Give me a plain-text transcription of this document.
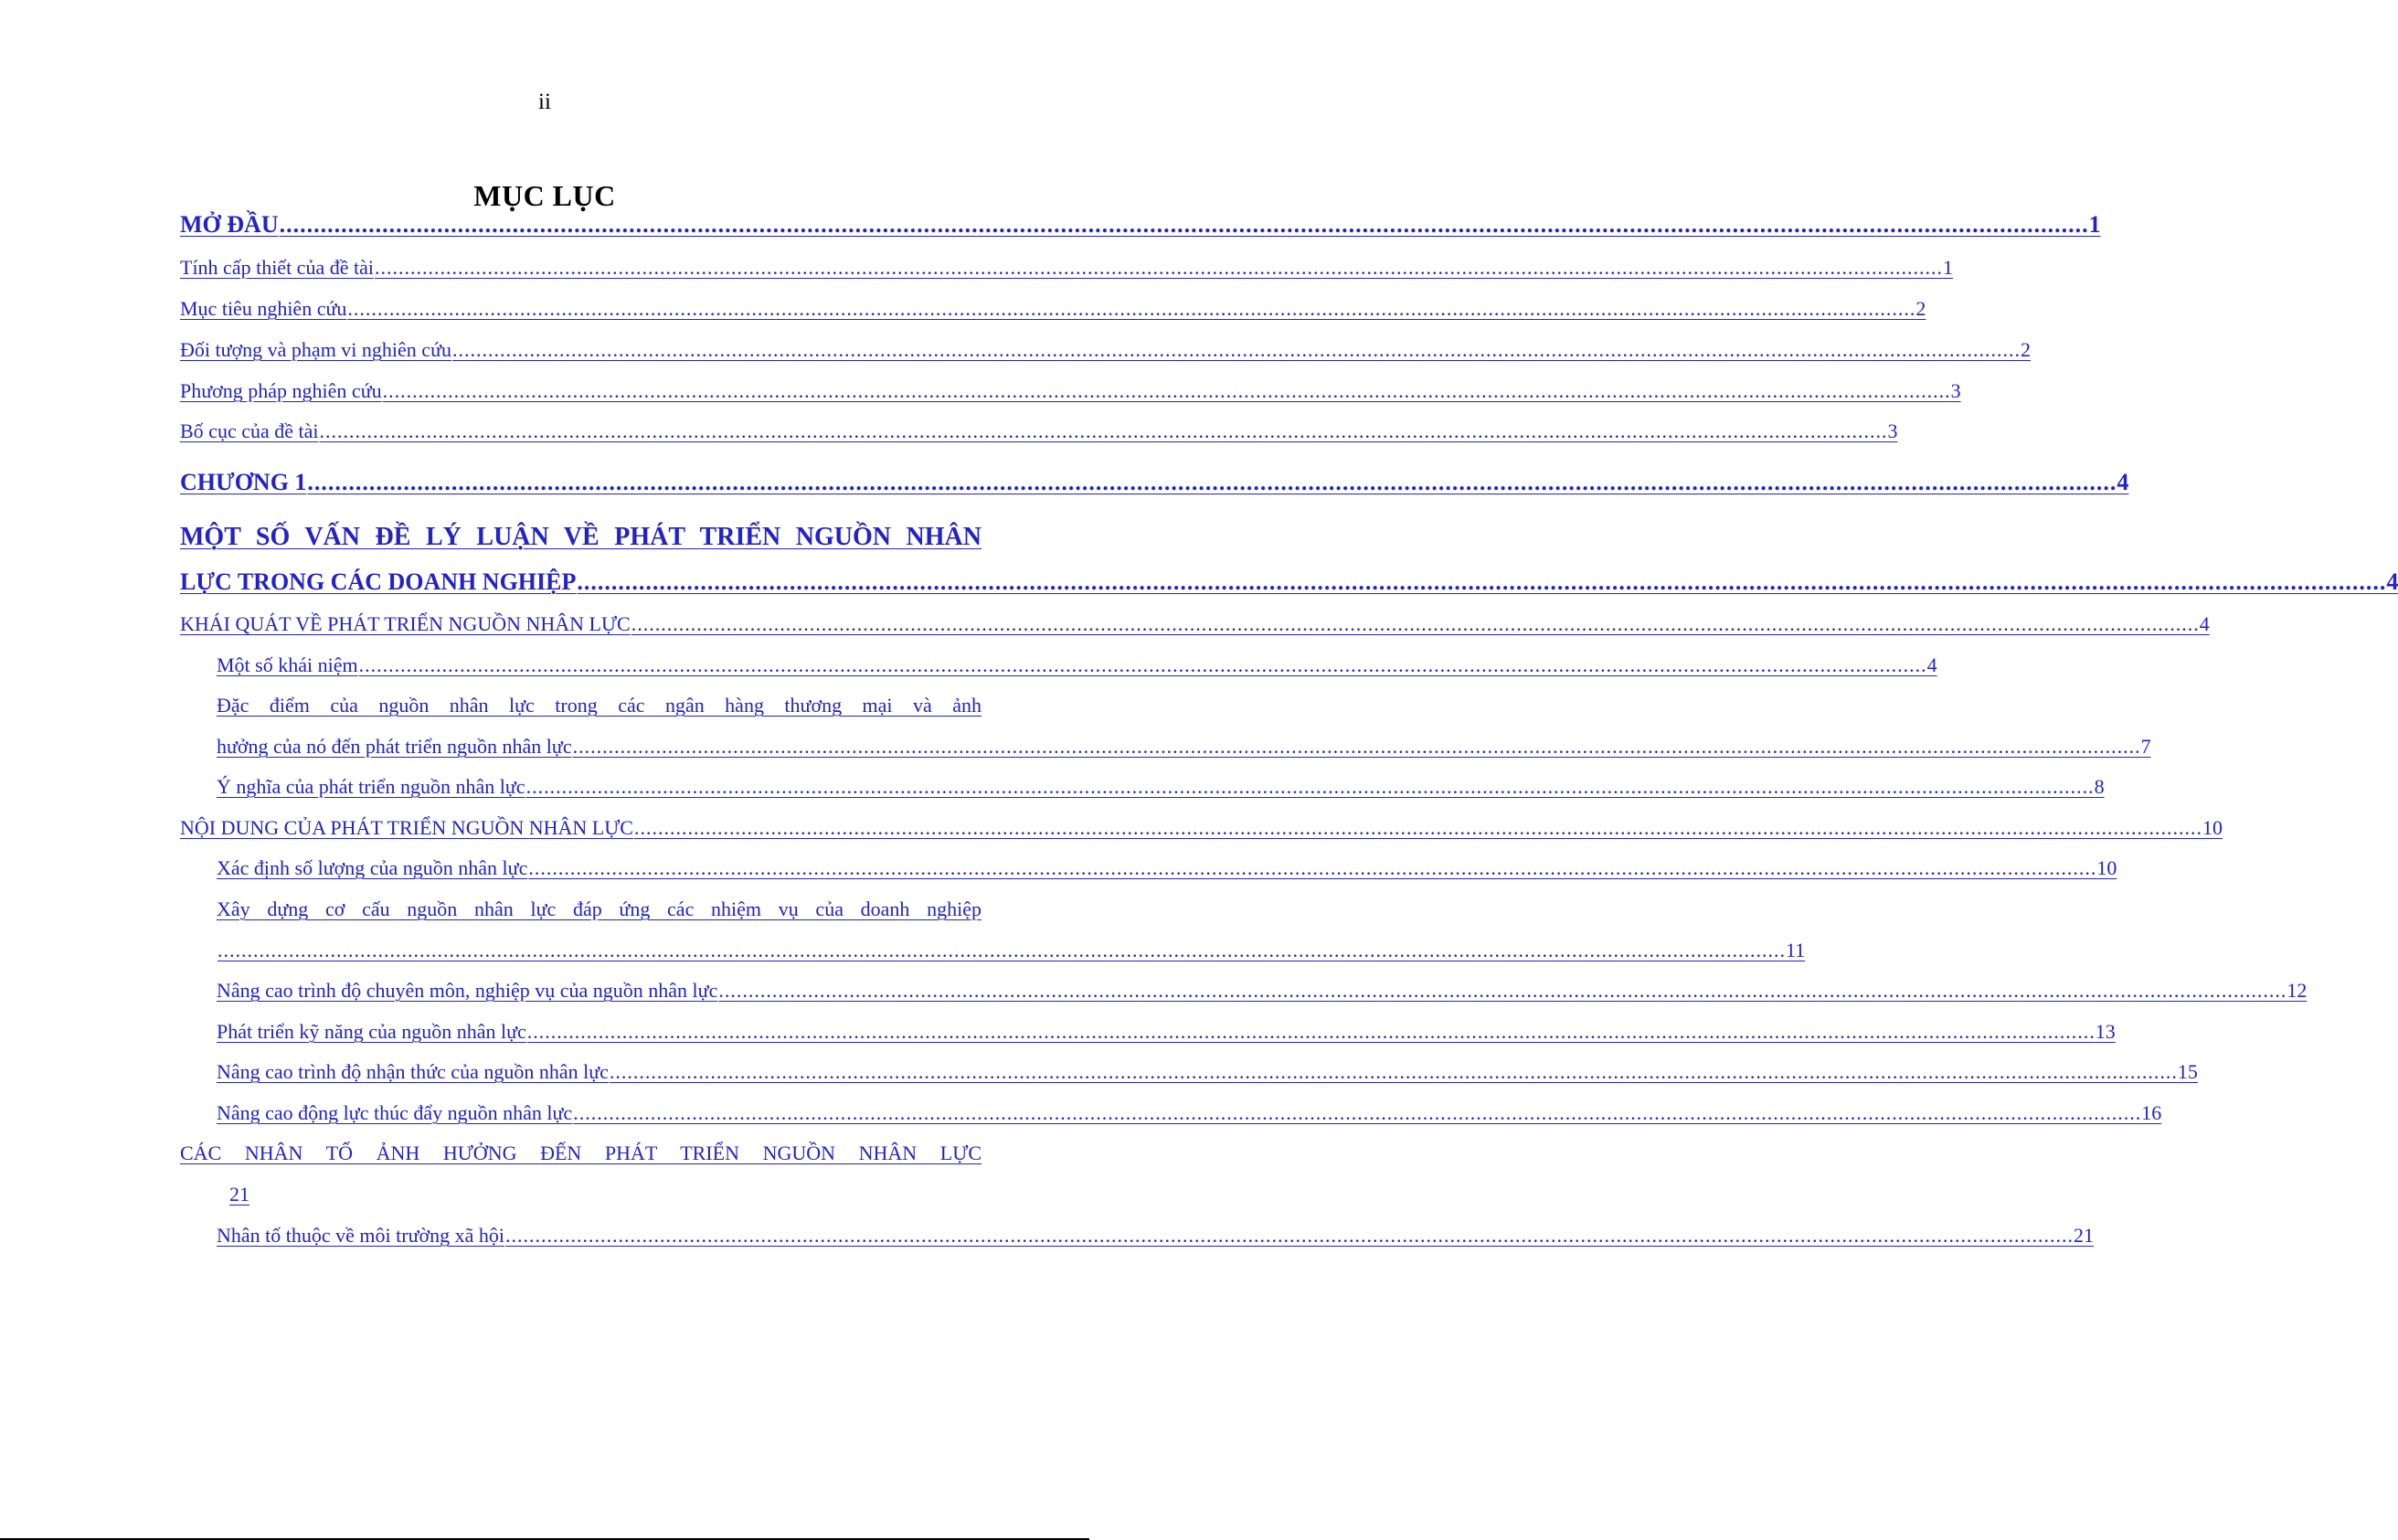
ii
MỤC LỤC
MỞ ĐẦU ........................................................................................................................................................................................................................................................................ 1
Tính cấp thiết của đề tài ........................................................................................................................................................................................................................................................................ 1
Mục tiêu nghiên cứu ........................................................................................................................................................................................................................................................................ 2
Đối tượng và phạm vi nghiên cứu ........................................................................................................................................................................................................................................................................ 2
Phương pháp nghiên cứu ........................................................................................................................................................................................................................................................................ 3
Bố cục của đề tài ........................................................................................................................................................................................................................................................................ 3
CHƯƠNG 1 ........................................................................................................................................................................................................................................................................ 4
MỘT SỐ VẤN ĐỀ LÝ LUẬN VỀ PHÁT TRIỂN NGUỒN NHÂN
LỰC TRONG CÁC DOANH NGHIỆP ........................................................................................................................................................................................................................................................................ 4
KHÁI QUÁT VỀ PHÁT TRIỂN NGUỒN NHÂN LỰC ........................................................................................................................................................................................................................................................................ 4
Một số khái niệm ........................................................................................................................................................................................................................................................................ 4
Đặc điểm của nguồn nhân lực trong các ngân hàng thương mại và ảnh
hưởng của nó đến phát triển nguồn nhân lực ........................................................................................................................................................................................................................................................................ 7
Ý nghĩa của phát triển nguồn nhân lực ........................................................................................................................................................................................................................................................................ 8
NỘI DUNG CỦA PHÁT TRIỂN NGUỒN NHÂN LỰC ........................................................................................................................................................................................................................................................................ 10
Xác định số lượng của nguồn nhân lực ........................................................................................................................................................................................................................................................................ 10
Xây dựng cơ cấu nguồn nhân lực đáp ứng các nhiệm vụ của doanh nghiệp
........................................................................................................................................................................................................................................................................ 11
Nâng cao trình độ chuyên môn, nghiệp vụ của nguồn nhân lực ........................................................................................................................................................................................................................................................................ 12
Phát triển kỹ năng của nguồn nhân lực ........................................................................................................................................................................................................................................................................ 13
Nâng cao trình độ nhận thức của nguồn nhân lực ........................................................................................................................................................................................................................................................................ 15
Nâng cao động lực thúc đẩy nguồn nhân lực ........................................................................................................................................................................................................................................................................ 16
CÁC NHÂN TỐ ẢNH HƯỞNG ĐẾN PHÁT TRIỂN NGUỒN NHÂN LỰC
21
Nhân tố thuộc về môi trường xã hội ........................................................................................................................................................................................................................................................................ 21
